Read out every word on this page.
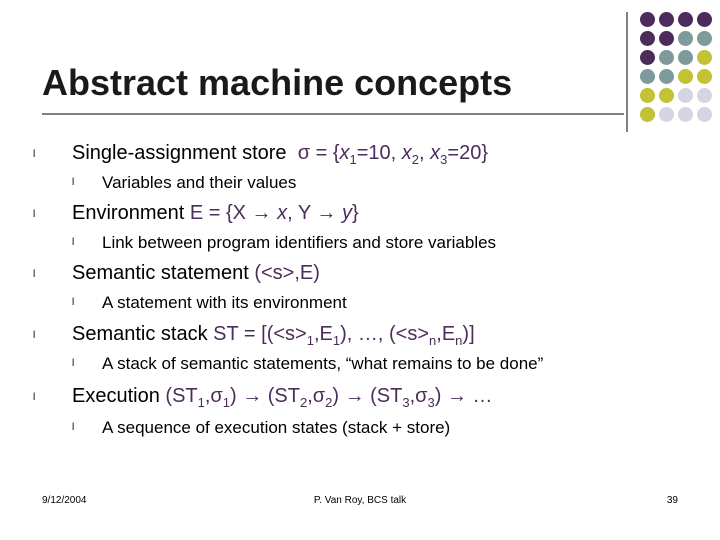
Abstract machine concepts
l Single-assignment store $\sigma = \{x_1=10$, $x_2$, $x_3=20$}
l Variables and their values
l Environment E = {X → x, Y → y}
l Link between program identifiers and store variables
l Semantic statement (<s>,E)
l A statement with its environment
l Semantic stack ST = [$(<s>_1,E_1)$, …, $(<s>_n,E_n)$]
l A stack of semantic statements, “what remains to be done”
l Execution $(ST_1,\sigma_1) \to (ST_2,\sigma_2) \to (ST_3,\sigma_3)$ → …
l A sequence of execution states (stack + store)
9/12/2004	P. Van Roy, BCS talk	39
